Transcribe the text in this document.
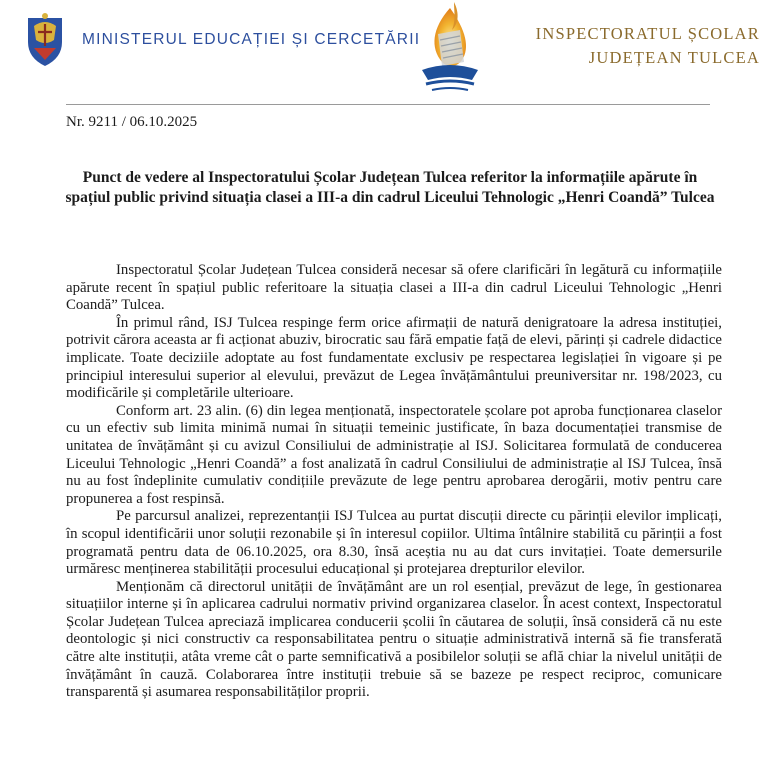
MINISTERUL EDUCAȚIEI ȘI CERCETĂRII	INSPECTORATUL ȘCOLAR
JUDEȚEAN TULCEA
Nr. 9211 / 06.10.2025
Punct de vedere al Inspectoratului Școlar Județean Tulcea referitor la informațiile apărute în spațiul public privind situația clasei a III-a din cadrul Liceului Tehnologic „Henri Coandă” Tulcea

Inspectoratul Școlar Județean Tulcea consideră necesar să ofere clarificări în legătură cu informațiile apărute recent în spațiul public referitoare la situația clasei a III-a din cadrul Liceului Tehnologic „Henri Coandă” Tulcea.

În primul rând, ISJ Tulcea respinge ferm orice afirmații de natură denigratoare la adresa instituției, potrivit cărora aceasta ar fi acționat abuziv, birocratic sau fără empatie față de elevi, părinți și cadrele didactice implicate. Toate deciziile adoptate au fost fundamentate exclusiv pe respectarea legislației în vigoare și pe principiul interesului superior al elevului, prevăzut de Legea învățământului preuniversitar nr. 198/2023, cu modificările și completările ulterioare.

Conform art. 23 alin. (6) din legea menționată, inspectoratele școlare pot aproba funcționarea claselor cu un efectiv sub limita minimă numai în situații temeinic justificate, în baza documentației transmise de unitatea de învățământ și cu avizul Consiliului de administrație al ISJ. Solicitarea formulată de conducerea Liceului Tehnologic „Henri Coandă” a fost analizată în cadrul Consiliului de administrație al ISJ Tulcea, însă nu au fost îndeplinite cumulativ condițiile prevăzute de lege pentru aprobarea derogării, motiv pentru care propunerea a fost respinsă.

Pe parcursul analizei, reprezentanții ISJ Tulcea au purtat discuții directe cu părinții elevilor implicați, în scopul identificării unor soluții rezonabile și în interesul copiilor. Ultima întâlnire stabilită cu părinții a fost programată pentru data de 06.10.2025, ora 8.30, însă aceștia nu au dat curs invitației. Toate demersurile urmăresc menținerea stabilității procesului educațional și protejarea drepturilor elevilor.

Menționăm că directorul unității de învățământ are un rol esențial, prevăzut de lege, în gestionarea situațiilor interne și în aplicarea cadrului normativ privind organizarea claselor. În acest context, Inspectoratul Școlar Județean Tulcea apreciază implicarea conducerii școlii în căutarea de soluții, însă consideră că nu este deontologic și nici constructiv ca responsabilitatea pentru o situație administrativă internă să fie transferată către alte instituții, atâta vreme cât o parte semnificativă a posibilelor soluții se află chiar la nivelul unității de învățământ în cauză. Colaborarea între instituții trebuie să se bazeze pe respect reciproc, comunicare transparentă și asumarea responsabilităților proprii.
